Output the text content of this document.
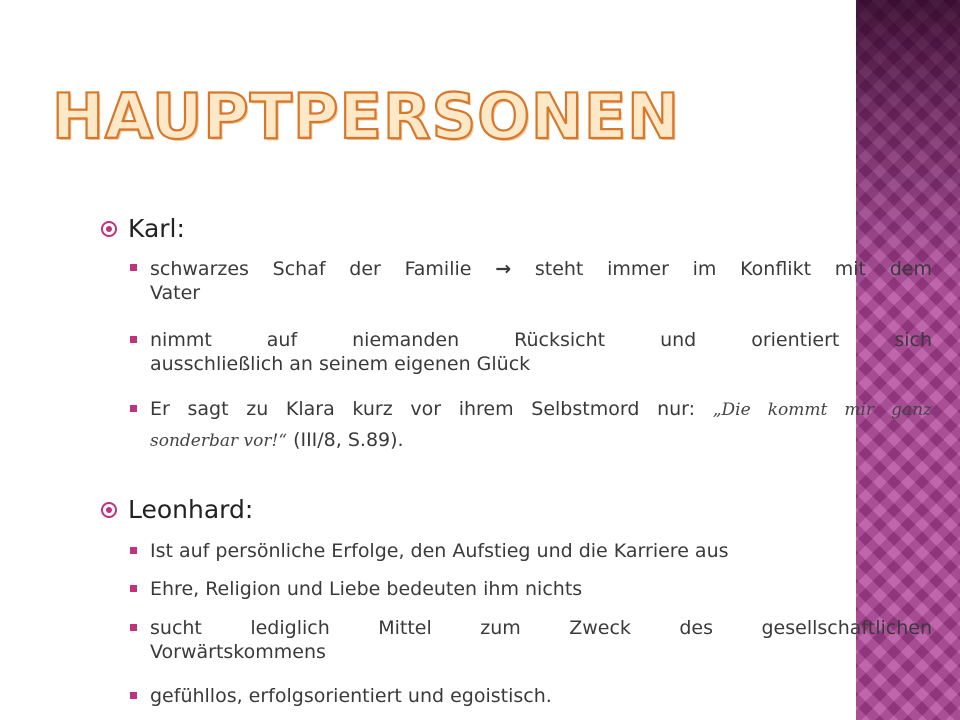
HAUPTPERSONEN
Karl:
schwarzes Schaf der Familie → steht immer im Konflikt mit dem
Vater
nimmt auf niemanden Rücksicht und orientiert sich
ausschließlich an seinem eigenen Glück
Er sagt zu Klara kurz vor ihrem Selbstmord nur: „Die kommt mir ganz
sonderbar vor!“ (III/8, S.89).
Leonhard:
Ist auf persönliche Erfolge, den Aufstieg und die Karriere aus
Ehre, Religion und Liebe bedeuten ihm nichts
sucht lediglich Mittel zum Zweck des gesellschaftlichen
Vorwärtskommens
gefühllos, erfolgsorientiert und egoistisch.
